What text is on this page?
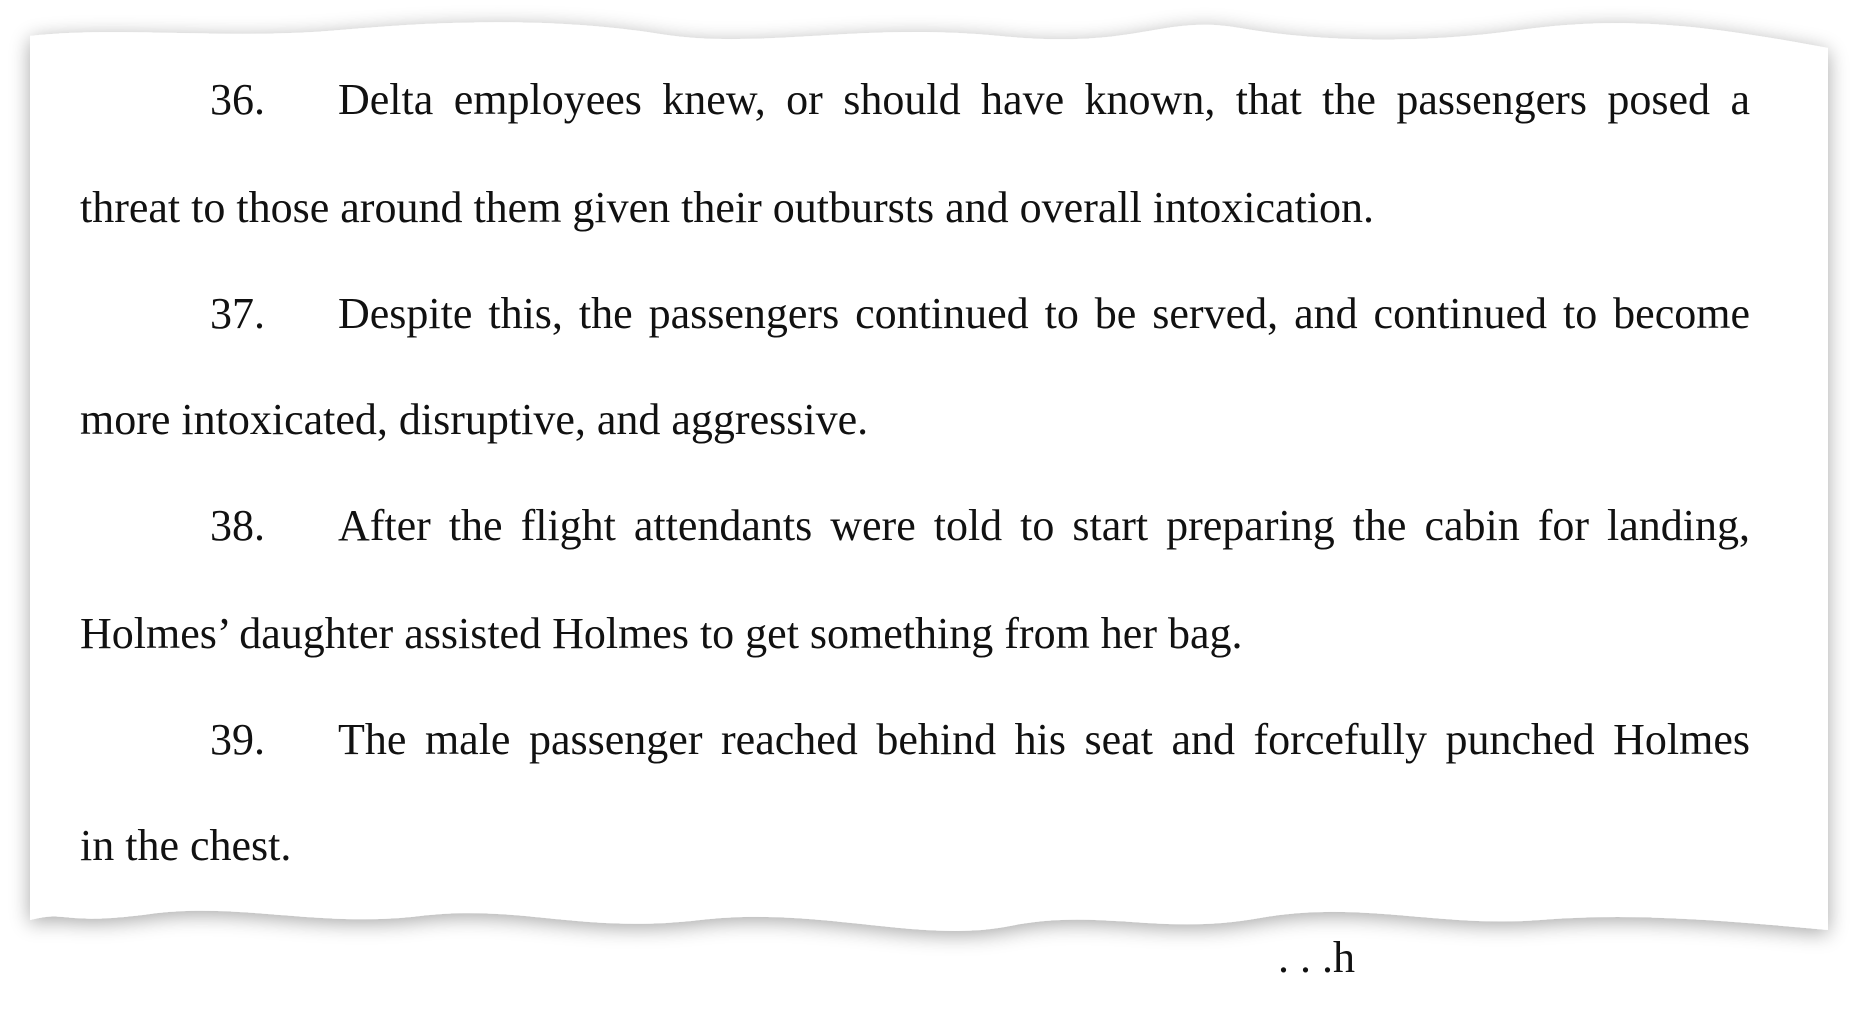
36. Delta employees knew, or should have known, that the passengers posed a
threat to those around them given their outbursts and overall intoxication.
37. Despite this, the passengers continued to be served, and continued to become
more intoxicated, disruptive, and aggressive.
38. After the flight attendants were told to start preparing the cabin for landing,
Holmes’ daughter assisted Holmes to get something from her bag.
39. The male passenger reached behind his seat and forcefully punched Holmes
in the chest.
. . .h
